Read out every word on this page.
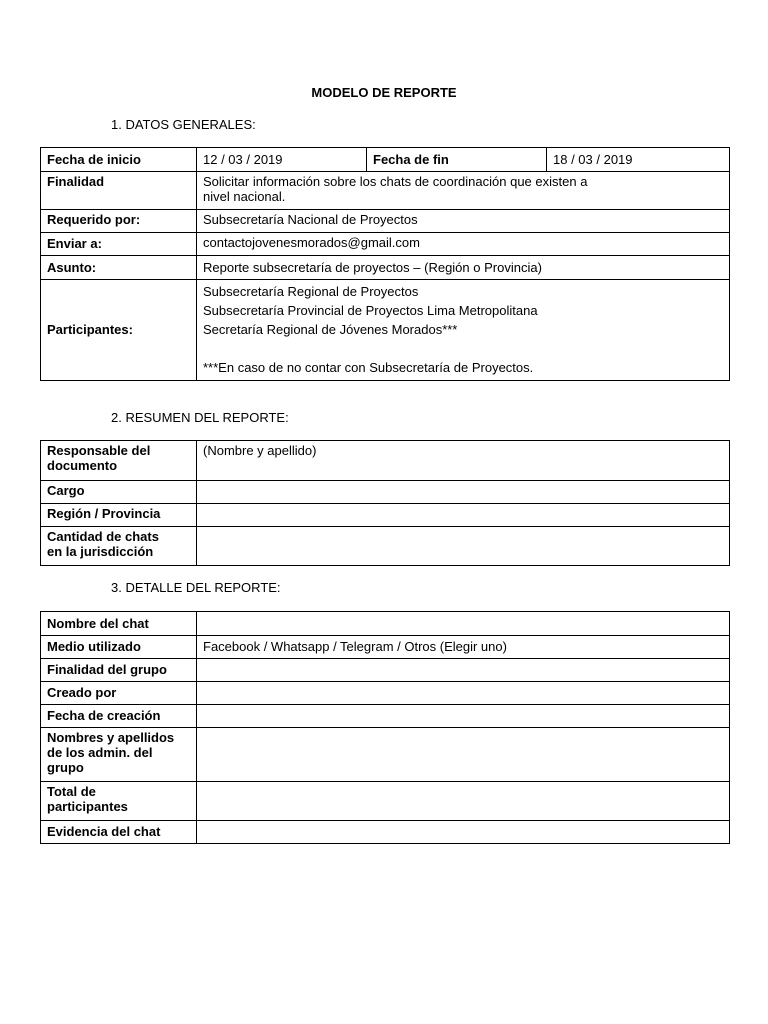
MODELO DE REPORTE
1. DATOS GENERALES:
Fecha de inicio	12 / 03 / 2019	Fecha de fin	18 / 03 / 2019
Finalidad	Solicitar información sobre los chats de coordinación que existen a
nivel nacional.		

Requerido por:	Subsecretaría Nacional de Proyectos		
Enviar a:	contactojovenesmorados@gmail.com		
Asunto:	Reporte subsecretaría de proyectos – (Región o Provincia)		
Participantes:	Subsecretaría Regional de Proyectos
Subsecretaría Provincial de Proyectos Lima Metropolitana
Secretaría Regional de Jóvenes Morados***
***En caso de no contar con Subsecretaría de Proyectos.		
2. RESUMEN DEL REPORTE:
Responsable del
documento	(Nombre y apellido)
Cargo	
Región / Provincia	

Cantidad de chats
en la jurisdicción	

3. DETALLE DEL REPORTE:
Nombre del chat	
Medio utilizado	Facebook / Whatsapp / Telegram / Otros (Elegir uno)
Finalidad del grupo	
Creado por	
Fecha de creación	

Nombres y apellidos
de los admin. del
grupo	

Total de
participantes	

Evidencia del chat	
